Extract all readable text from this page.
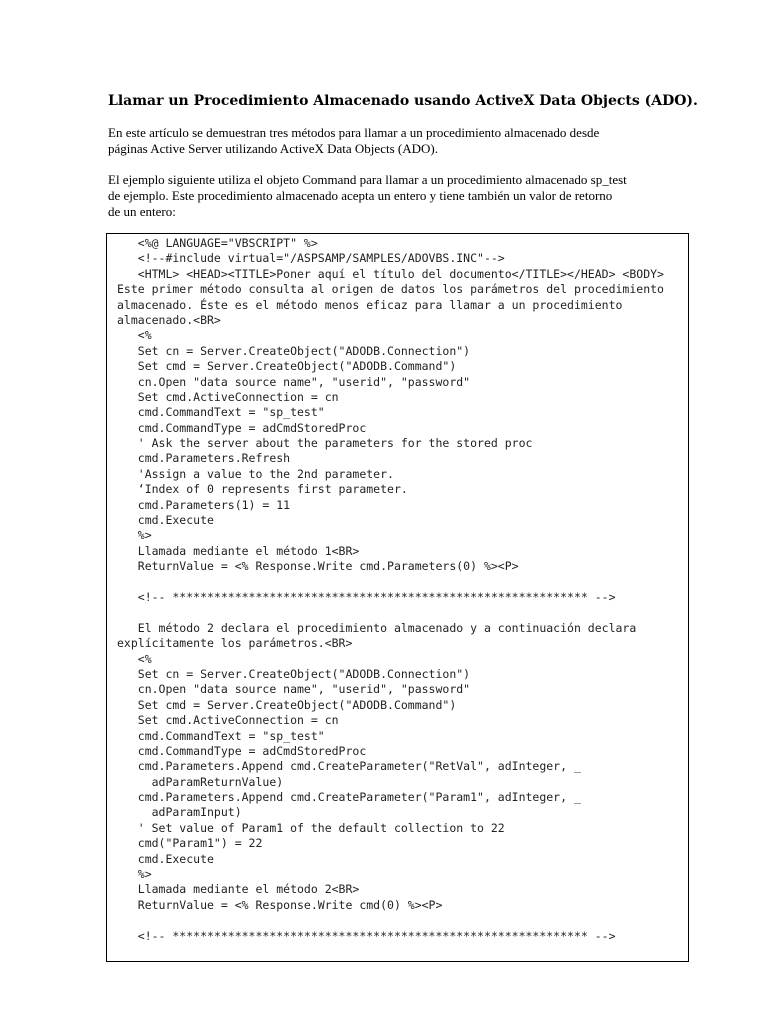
Llamar un Procedimiento Almacenado usando ActiveX Data Objects (ADO).

En este artículo se demuestran tres métodos para llamar a un procedimiento almacenado desde
páginas Active Server utilizando ActiveX Data Objects (ADO).

El ejemplo siguiente utiliza el objeto Command para llamar a un procedimiento almacenado sp_test
de ejemplo. Este procedimiento almacenado acepta un entero y tiene también un valor de retorno
de un entero:

<%@ LANGUAGE="VBSCRIPT" %>
<!--#include virtual="/ASPSAMP/SAMPLES/ADOVBS.INC"-->
<HTML> <HEAD><TITLE>Poner aquí el título del documento</TITLE></HEAD> <BODY>
Este primer método consulta al origen de datos los parámetros del procedimiento
almacenado. Éste es el método menos eficaz para llamar a un procedimiento
almacenado.<BR>
<%
Set cn = Server.CreateObject("ADODB.Connection")
Set cmd = Server.CreateObject("ADODB.Command")
cn.Open "data source name", "userid", "password"
Set cmd.ActiveConnection = cn
cmd.CommandText = "sp_test"
cmd.CommandType = adCmdStoredProc
' Ask the server about the parameters for the stored proc
cmd.Parameters.Refresh
'Assign a value to the 2nd parameter.
‘Index of 0 represents first parameter.
cmd.Parameters(1) = 11
cmd.Execute
%>
Llamada mediante el método 1<BR>
ReturnValue = <% Response.Write cmd.Parameters(0) %><P>
<!-- ************************************************************ -->
El método 2 declara el procedimiento almacenado y a continuación declara
explícitamente los parámetros.<BR>
<%
Set cn = Server.CreateObject("ADODB.Connection")
cn.Open "data source name", "userid", "password"
Set cmd = Server.CreateObject("ADODB.Command")
Set cmd.ActiveConnection = cn
cmd.CommandText = "sp_test"
cmd.CommandType = adCmdStoredProc
cmd.Parameters.Append cmd.CreateParameter("RetVal", adInteger, _
adParamReturnValue)
cmd.Parameters.Append cmd.CreateParameter("Param1", adInteger, _
adParamInput)
' Set value of Param1 of the default collection to 22
cmd("Param1") = 22
cmd.Execute
%>
Llamada mediante el método 2<BR>
ReturnValue = <% Response.Write cmd(0) %><P>
<!-- ************************************************************ -->
